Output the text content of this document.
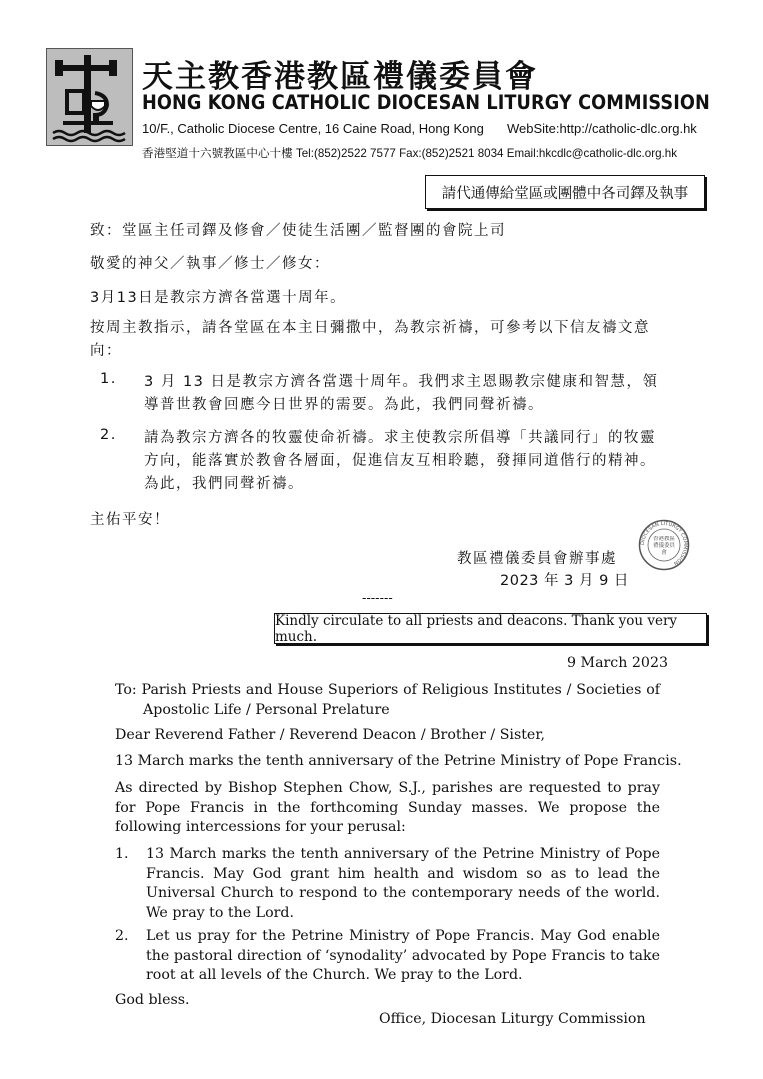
天主教香港教區禮儀委員會
HONG KONG CATHOLIC DIOCESAN LITURGY COMMISSION
10/F., Catholic Diocese Centre, 16 Caine Road, Hong Kong WebSite:http://catholic-dlc.org.hk
香港堅道十六號教區中心十樓 Tel:(852)2522 7577 Fax:(852)2521 8034 Email:hkcdlc@catholic-dlc.org.hk
請代通傳給堂區或團體中各司鐸及執事
致：堂區主任司鐸及修會／使徒生活團／監督團的會院上司
敬愛的神父／執事／修士／修女：
3月13日是教宗方濟各當選十周年。
按周主教指示，請各堂區在本主日彌撒中，為教宗祈禱，可參考以下信友禱文意向：
1. 3 月 13 日是教宗方濟各當選十周年。我們求主恩賜教宗健康和智慧，領導普世教會回應今日世界的需要。為此，我們同聲祈禱。
2. 請為教宗方濟各的牧靈使命祈禱。求主使教宗所倡導「共議同行」的牧靈方向，能落實於教會各層面，促進信友互相聆聽，發揮同道偕行的精神。為此，我們同聲祈禱。
主佑平安！
教區禮儀委員會辦事處
2023 年 3 月 9 日
DIOCESAN LITURGY COMMISSION
香港教區禮儀委員會
-------
Kindly circulate to all priests and deacons. Thank you very much.
9 March 2023
To: Parish Priests and House Superiors of Religious Institutes / Societies of Apostolic Life / Personal Prelature
Dear Reverend Father / Reverend Deacon / Brother / Sister,
13 March marks the tenth anniversary of the Petrine Ministry of Pope Francis.
As directed by Bishop Stephen Chow, S.J., parishes are requested to pray for Pope Francis in the forthcoming Sunday masses. We propose the following intercessions for your perusal:
1. 13 March marks the tenth anniversary of the Petrine Ministry of Pope Francis. May God grant him health and wisdom so as to lead the Universal Church to respond to the contemporary needs of the world. We pray to the Lord.
2. Let us pray for the Petrine Ministry of Pope Francis. May God enable the pastoral direction of ‘synodality’ advocated by Pope Francis to take root at all levels of the Church. We pray to the Lord.
God bless.
Office, Diocesan Liturgy Commission
